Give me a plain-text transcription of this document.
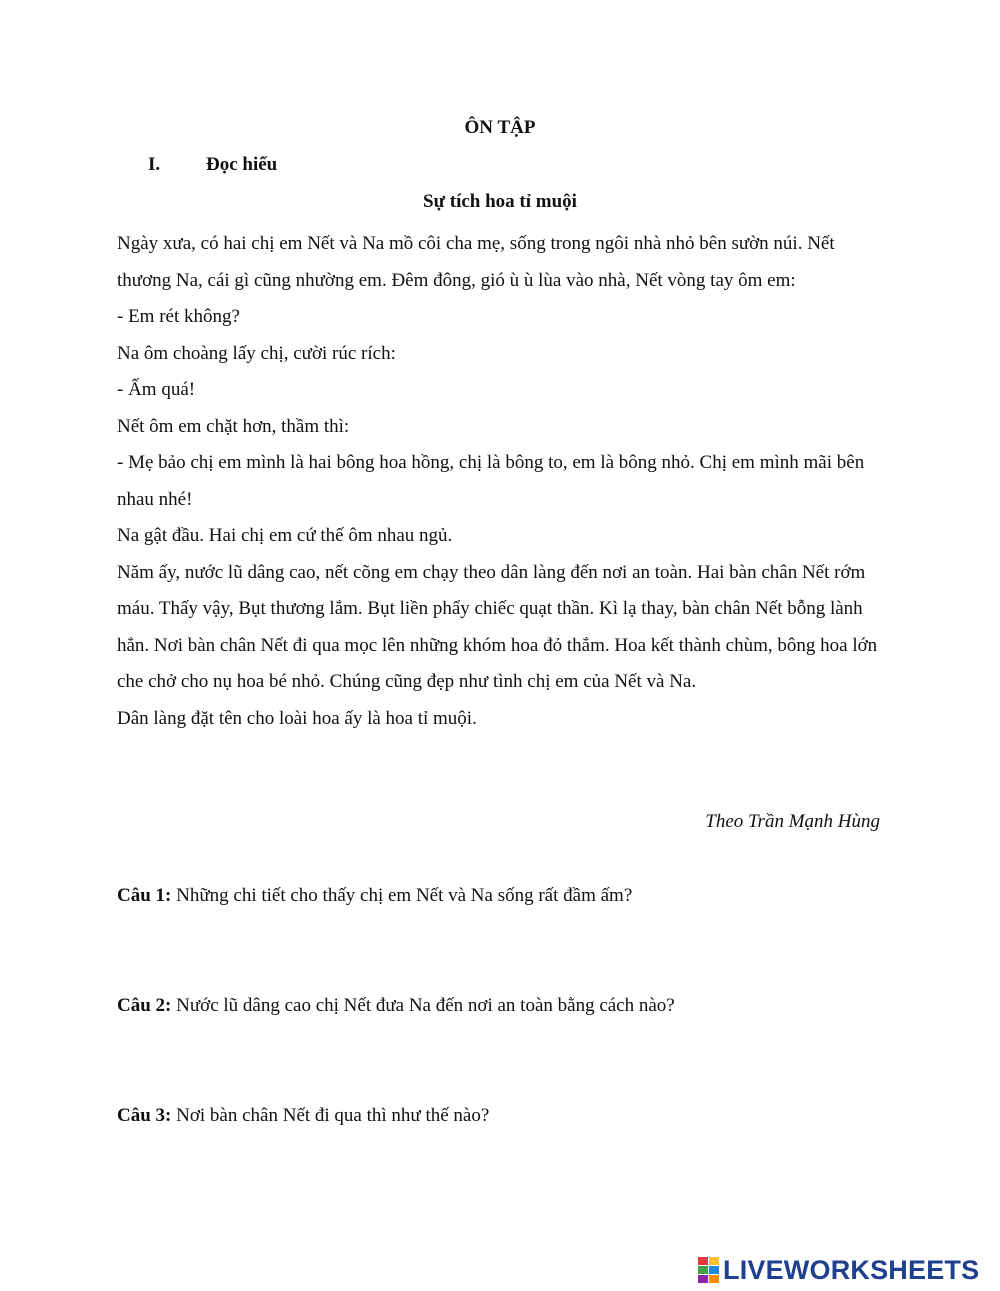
ÔN TẬP
I. Đọc hiểu
Sự tích hoa tỉ muội

Ngày xưa, có hai chị em Nết và Na mồ côi cha mẹ, sống trong ngôi nhà nhỏ bên sườn núi. Nết thương Na, cái gì cũng nhường em. Đêm đông, gió ù ù lùa vào nhà, Nết vòng tay ôm em:

- Em rét không?

Na ôm choàng lấy chị, cười rúc rích:

- Ấm quá!

Nết ôm em chặt hơn, thầm thì:

- Mẹ bảo chị em mình là hai bông hoa hồng, chị là bông to, em là bông nhỏ. Chị em mình mãi bên nhau nhé!

Na gật đầu. Hai chị em cứ thế ôm nhau ngủ.

Năm ấy, nước lũ dâng cao, nết cõng em chạy theo dân làng đến nơi an toàn. Hai bàn chân Nết rớm máu. Thấy vậy, Bụt thương lắm. Bụt liền phẩy chiếc quạt thần. Kì lạ thay, bàn chân Nết bỗng lành hẳn. Nơi bàn chân Nết đi qua mọc lên những khóm hoa đỏ thắm. Hoa kết thành chùm, bông hoa lớn che chở cho nụ hoa bé nhỏ. Chúng cũng đẹp như tình chị em của Nết và Na.

Dân làng đặt tên cho loài hoa ấy là hoa tỉ muội.

Theo Trần Mạnh Hùng
Câu 1: Những chi tiết cho thấy chị em Nết và Na sống rất đầm ấm?
Câu 2: Nước lũ dâng cao chị Nết đưa Na đến nơi an toàn bằng cách nào?
Câu 3: Nơi bàn chân Nết đi qua thì như thế nào?
LIVEWORKSHEETS
